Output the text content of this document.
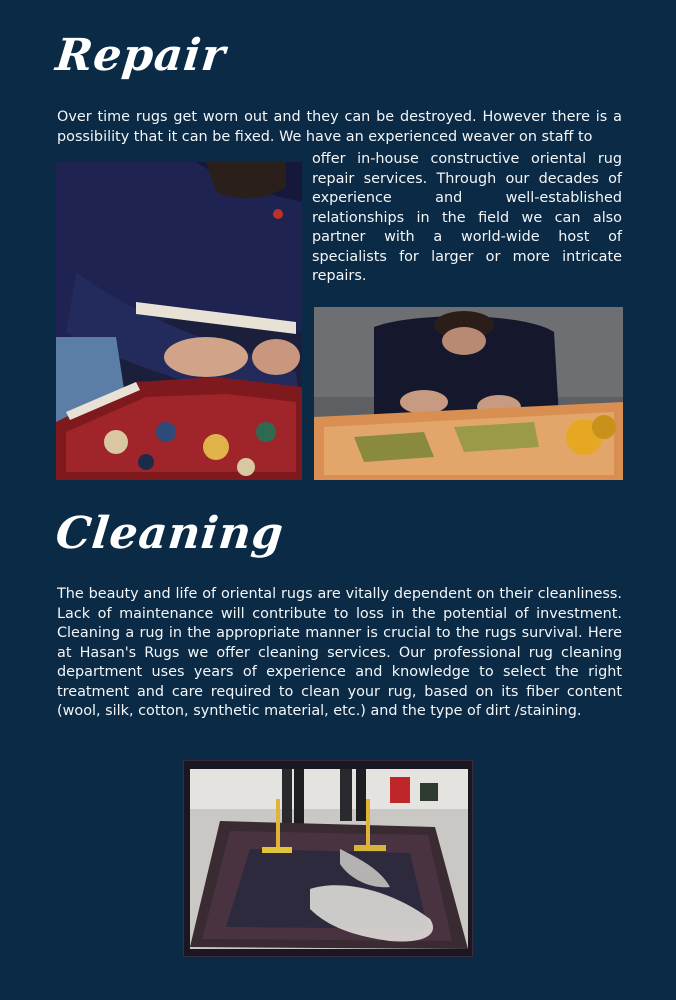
Repair
Over time rugs get worn out and they can be destroyed. However there is a possibility that it can be fixed. We have an experienced weaver on staff to
offer in-house constructive oriental rug repair services. Through our decades of experience and well-established relationships in the field we can also partner with a world-wide host of specialists for larger or more intricate repairs.
Cleaning
The beauty and life of oriental rugs are vitally dependent on their cleanliness. Lack of maintenance will contribute to loss in the potential of investment. Cleaning a rug in the appropriate manner is crucial to the rugs survival. Here at Hasan's Rugs we offer cleaning services. Our professional rug cleaning department uses years of experience and knowledge to select the right treatment and care required to clean your rug, based on its fiber content (wool, silk, cotton, synthetic material, etc.) and the type of dirt /staining.
